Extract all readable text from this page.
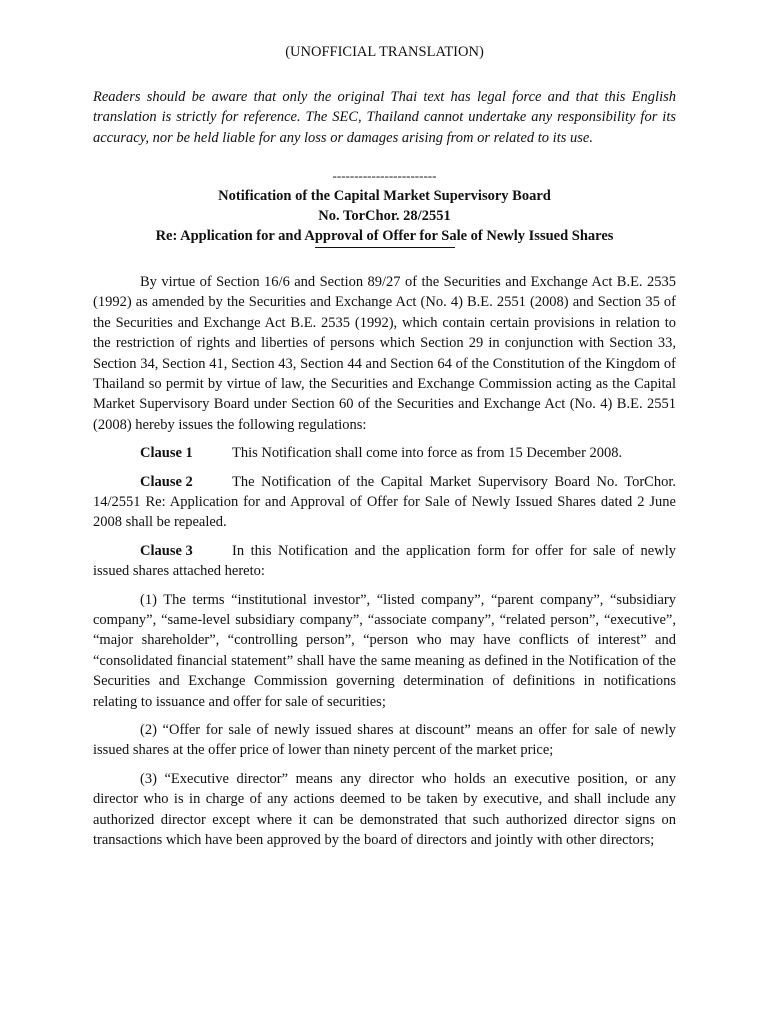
(UNOFFICIAL TRANSLATION)

Readers should be aware that only the original Thai text has legal force and that this English translation is strictly for reference. The SEC, Thailand cannot undertake any responsibility for its accuracy, nor be held liable for any loss or damages arising from or related to its use.
------------------------
Notification of the Capital Market Supervisory Board
No. TorChor. 28/2551
Re: Application for and Approval of Offer for Sale of Newly Issued Shares

By virtue of Section 16/6 and Section 89/27 of the Securities and Exchange Act B.E. 2535 (1992) as amended by the Securities and Exchange Act (No. 4) B.E. 2551 (2008) and Section 35 of the Securities and Exchange Act B.E. 2535 (1992), which contain certain provisions in relation to the restriction of rights and liberties of persons which Section 29 in conjunction with Section 33, Section 34, Section 41, Section 43, Section 44 and Section 64 of the Constitution of the Kingdom of Thailand so permit by virtue of law, the Securities and Exchange Commission acting as the Capital Market Supervisory Board under Section 60 of the Securities and Exchange Act (No. 4) B.E. 2551 (2008) hereby issues the following regulations:

Clause 1	This Notification shall come into force as from 15 December 2008.

Clause 2	The Notification of the Capital Market Supervisory Board No. TorChor. 14/2551 Re: Application for and Approval of Offer for Sale of Newly Issued Shares dated 2 June 2008 shall be repealed.

Clause 3	In this Notification and the application form for offer for sale of newly issued shares attached hereto:

(1) The terms “institutional investor”, “listed company”, “parent company”, “subsidiary company”, “same-level subsidiary company”, “associate company”, “related person”, “executive”, “major shareholder”, “controlling person”, “person who may have conflicts of interest” and “consolidated financial statement” shall have the same meaning as defined in the Notification of the Securities and Exchange Commission governing determination of definitions in notifications relating to issuance and offer for sale of securities;

(2) “Offer for sale of newly issued shares at discount” means an offer for sale of newly issued shares at the offer price of lower than ninety percent of the market price;

(3) “Executive director” means any director who holds an executive position, or any director who is in charge of any actions deemed to be taken by executive, and shall include any authorized director except where it can be demonstrated that such authorized director signs on transactions which have been approved by the board of directors and jointly with other directors;
